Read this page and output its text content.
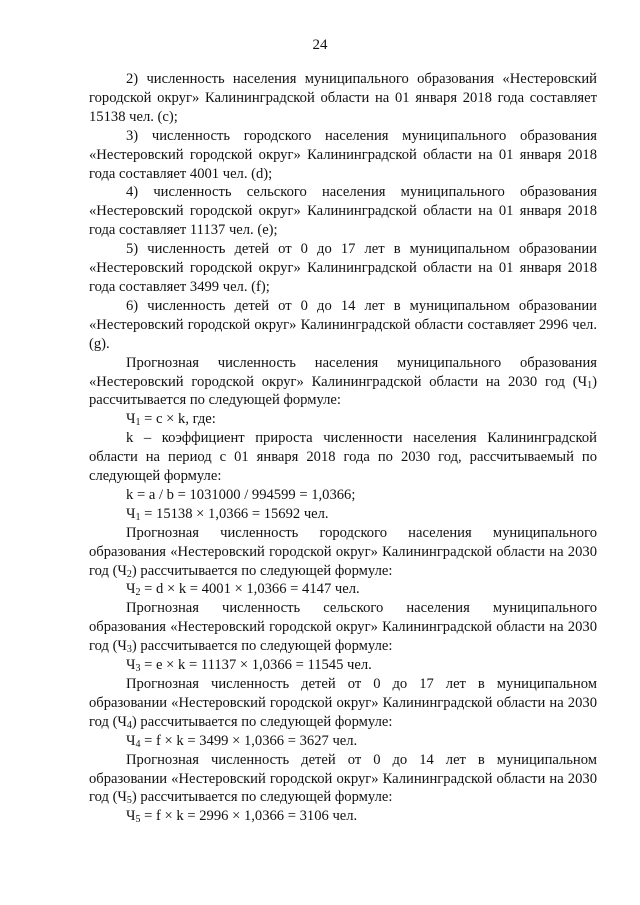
24

2) численность населения муниципального образования «Нестеровский городской округ» Калининградской области на 01 января 2018 года составляет 15138 чел. (c);

3) численность городского населения муниципального образования «Нестеровский городской округ» Калининградской области на 01 января 2018 года составляет 4001 чел. (d);

4) численность сельского населения муниципального образования «Нестеровский городской округ» Калининградской области на 01 января 2018 года составляет 11137 чел. (e);

5) численность детей от 0 до 17 лет в муниципальном образовании «Нестеровский городской округ» Калининградской области на 01 января 2018 года составляет 3499 чел. (f);

6) численность детей от 0 до 14 лет в муниципальном образовании «Нестеровский городской округ» Калининградской области составляет 2996 чел. (g).

Прогнозная численность населения муниципального образования «Нестеровский городской округ» Калининградской области на 2030 год $(Ч_1)$ рассчитывается по следующей формуле:

$Ч_1 = c \times k$, где:

k – коэффициент прироста численности населения Калининградской области на период с 01 января 2018 года по 2030 год, рассчитываемый по следующей формуле:

k = a / b = 1031000 / 994599 = 1,0366;

$Ч_1 = 15138 \times 1,0366 = 15692$ чел.

Прогнозная численность городского населения муниципального образования «Нестеровский городской округ» Калининградской области на 2030 год $(Ч_2)$ рассчитывается по следующей формуле:

$Ч_2 = d \times k = 4001 \times 1,0366 = 4147$ чел.

Прогнозная численность сельского населения муниципального образования «Нестеровский городской округ» Калининградской области на 2030 год $(Ч_3)$ рассчитывается по следующей формуле:

$Ч_3 = e \times k = 11137 \times 1,0366 = 11545$ чел.

Прогнозная численность детей от 0 до 17 лет в муниципальном образовании «Нестеровский городской округ» Калининградской области на 2030 год $(Ч_4)$ рассчитывается по следующей формуле:

$Ч_4 = f \times k = 3499 \times 1,0366 = 3627$ чел.

Прогнозная численность детей от 0 до 14 лет в муниципальном образовании «Нестеровский городской округ» Калининградской области на 2030 год $(Ч_5)$ рассчитывается по следующей формуле:

$Ч_5 = f \times k = 2996 \times 1,0366 = 3106$ чел.
